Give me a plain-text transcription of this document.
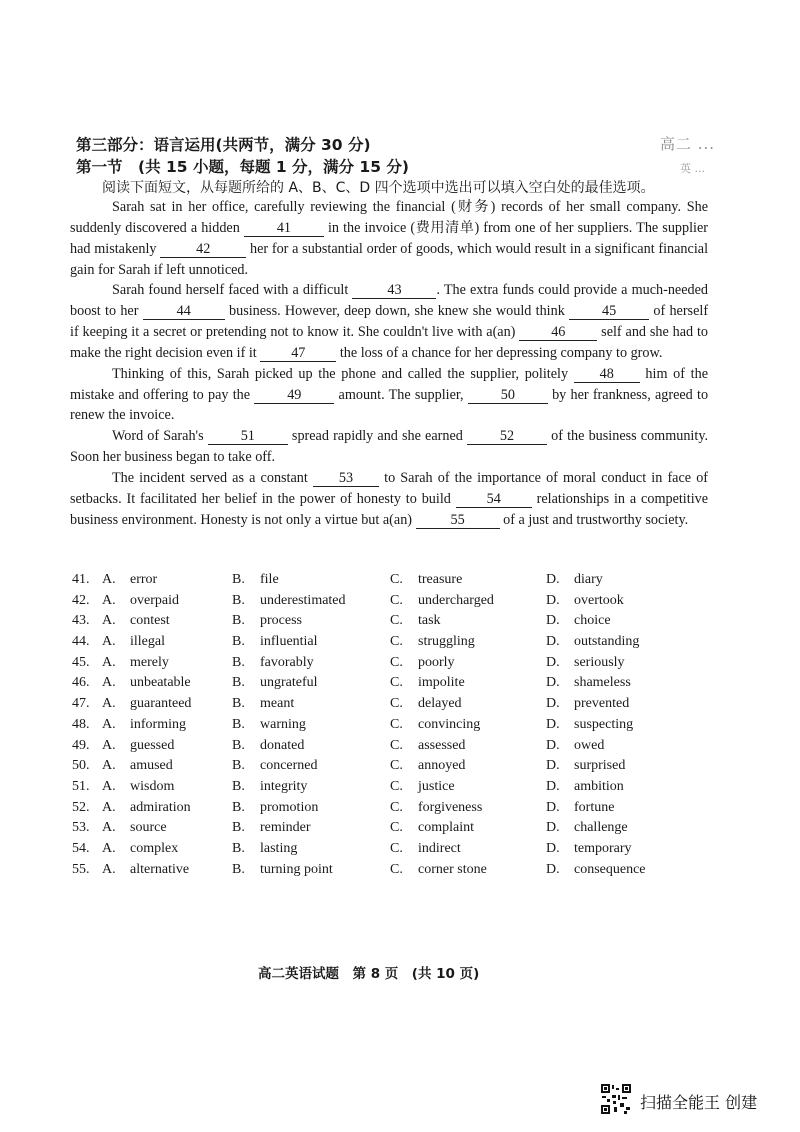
高二 ...
英 ...
第三部分：语言运用(共两节，满分 30 分)
第一节　(共 15 小题，每题 1 分，满分 15 分)
阅读下面短文，从每题所给的 A、B、C、D 四个选项中选出可以填入空白处的最佳选项。

Sarah sat in her office, carefully reviewing the financial (财务) records of her small company. She suddenly discovered a hidden	41	in the invoice (费用清单) from one of her suppliers. The supplier had mistakenly	42	her for a substantial order of goods, which would result in a significant financial gain for Sarah if left unnoticed.

Sarah found herself faced with a difficult	43 . The extra funds could provide a much-needed boost to her	44	business. However, deep down, she knew she would think	45	of herself if keeping it a secret or pretending not to know it. She couldn't live with a(an)	46	self and she had to make the right decision even if it 47 the loss of a chance for her depressing company to grow.

Thinking of this, Sarah picked up the phone and called the supplier, politely 48 him of the mistake and offering to pay the	49	amount. The supplier,	50	by her frankness, agreed to renew the invoice.

Word of Sarah's	51	spread rapidly and she earned	52	of the business community. Soon her business began to take off.

The incident served as a constant 53 to Sarah of the importance of moral conduct in face of setbacks. It facilitated her belief in the power of honesty to build	54	relationships in a competitive business environment. Honesty is not only a virtue but a(an)	55	of a just and trustworthy society.

41. A. error	B. file	C. treasure	D. diary
42. A. overpaid	B. underestimated	C. undercharged	D. overtook
43. A. contest	B. process	C. task	D. choice
44. A. illegal	B. influential	C. struggling	D. outstanding
45. A. merely	B. favorably	C. poorly	D. seriously
46. A. unbeatable	B. ungrateful	C. impolite	D. shameless
47. A. guaranteed	B. meant	C. delayed	D. prevented
48. A. informing	B. warning	C. convincing	D. suspecting
49. A. guessed	B. donated	C. assessed	D. owed
50. A. amused	B. concerned	C. annoyed	D. surprised
51. A. wisdom	B. integrity	C. justice	D. ambition
52. A. admiration	B. promotion	C. forgiveness	D. fortune
53. A. source	B. reminder	C. complaint	D. challenge
54. A. complex	B. lasting	C. indirect	D. temporary
55. A. alternative	B. turning point	C. corner stone	D. consequence
高二英语试题　第 8 页　(共 10 页)
扫描全能王 创建
